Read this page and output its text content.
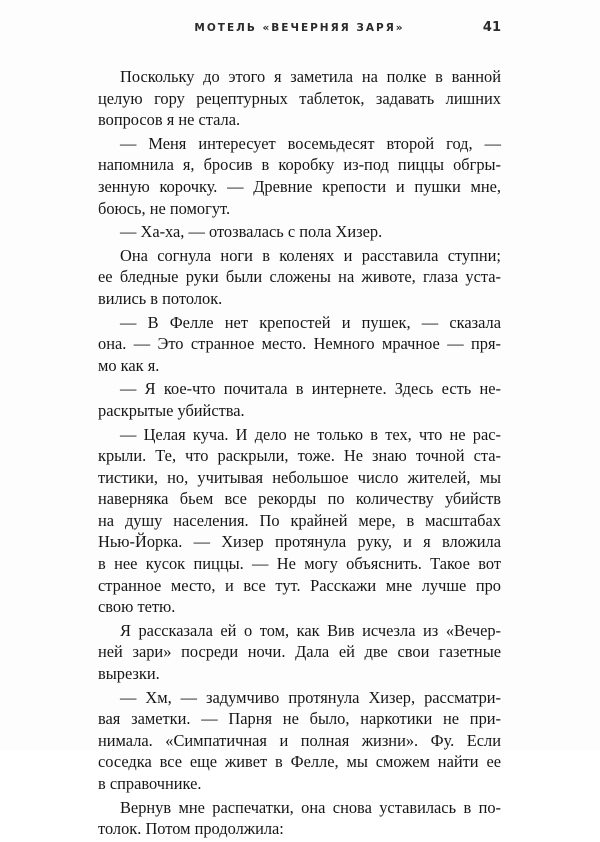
МОТЕЛЬ «ВЕЧЕРНЯЯ ЗАРЯ»	41
Поскольку до этого я заметила на полке в ванной
целую гору рецептурных таблеток, задавать лишних
вопросов я не стала.
— Меня интересует восемьдесят второй год, —
напомнила я, бросив в коробку из-под пиццы обгры-
зенную корочку. — Древние крепости и пушки мне,
боюсь, не помогут.
— Ха-ха, — отозвалась с пола Хизер.
Она согнула ноги в коленях и расставила ступни;
ее бледные руки были сложены на животе, глаза уста-
вились в потолок.
— В Фелле нет крепостей и пушек, — сказала
она. — Это странное место. Немного мрачное — пря-
мо как я.
— Я кое-что почитала в интернете. Здесь есть не-
раскрытые убийства.
— Целая куча. И дело не только в тех, что не рас-
крыли. Те, что раскрыли, тоже. Не знаю точной ста-
тистики, но, учитывая небольшое число жителей, мы
наверняка бьем все рекорды по количеству убийств
на душу населения. По крайней мере, в масштабах
Нью-Йорка. — Хизер протянула руку, и я вложила
в нее кусок пиццы. — Не могу объяснить. Такое вот
странное место, и все тут. Расскажи мне лучше про
свою тетю.
Я рассказала ей о том, как Вив исчезла из «Вечер-
ней зари» посреди ночи. Дала ей две свои газетные
вырезки.
— Хм, — задумчиво протянула Хизер, рассматри-
вая заметки. — Парня не было, наркотики не при-
нимала. «Симпатичная и полная жизни». Фу. Если
соседка все еще живет в Фелле, мы сможем найти ее
в справочнике.
Вернув мне распечатки, она снова уставилась в по-
толок. Потом продолжила:
